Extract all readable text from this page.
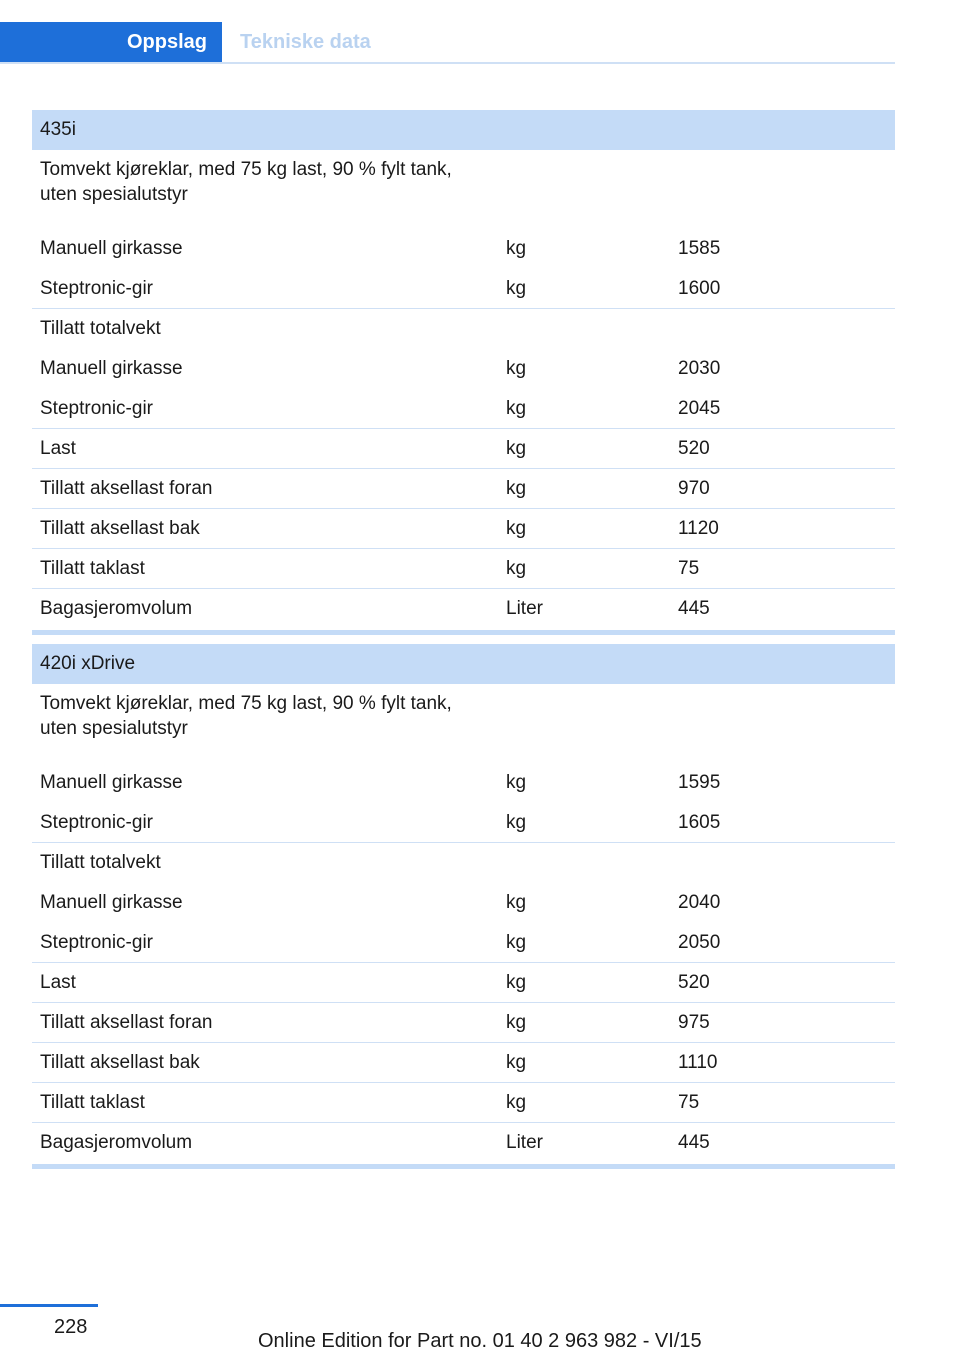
Oppslag	Tekniske data
435i
Tomvekt kjøreklar, med 75 kg last, 90 % fylt tank, uten spesialutstyr
Manuell girkasse	kg	1585
Steptronic-gir	kg	1600
Tillatt totalvekt
Manuell girkasse	kg	2030
Steptronic-gir	kg	2045
Last	kg	520
Tillatt aksellast foran	kg	970
Tillatt aksellast bak	kg	1120
Tillatt taklast	kg	75
Bagasjeromvolum	Liter	445
420i xDrive
Tomvekt kjøreklar, med 75 kg last, 90 % fylt tank, uten spesialutstyr
Manuell girkasse	kg	1595
Steptronic-gir	kg	1605
Tillatt totalvekt
Manuell girkasse	kg	2040
Steptronic-gir	kg	2050
Last	kg	520
Tillatt aksellast foran	kg	975
Tillatt aksellast bak	kg	1110
Tillatt taklast	kg	75
Bagasjeromvolum	Liter	445
228
Online Edition for Part no. 01 40 2 963 982 - VI/15
